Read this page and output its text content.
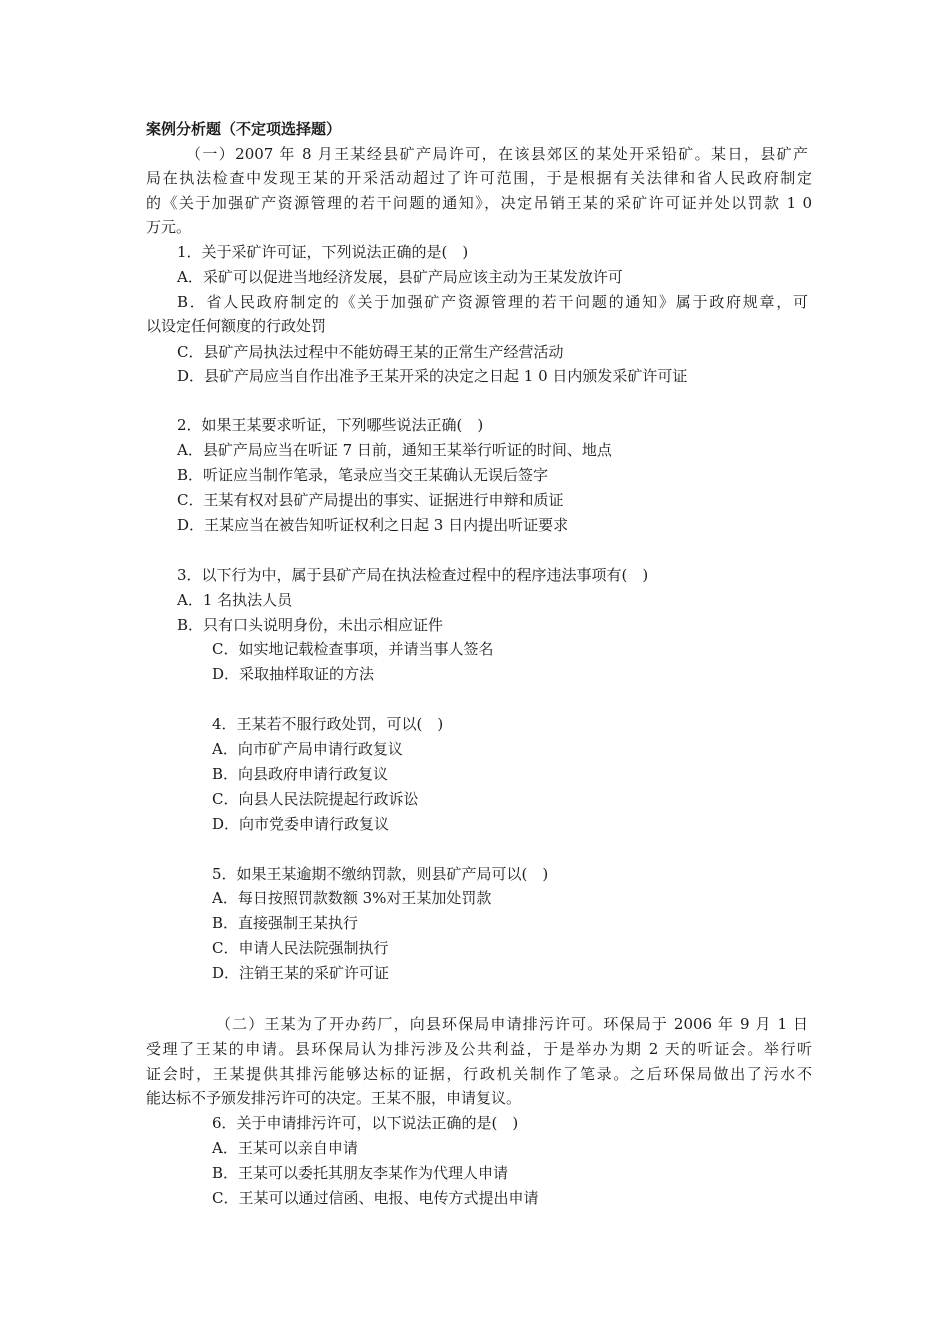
案例分析题（不定项选择题）
（一）2007 年 8 月王某经县矿产局许可，在该县郊区的某处开采铅矿。某日，县矿产
局在执法检查中发现王某的开采活动超过了许可范围，于是根据有关法律和省人民政府制定
的《关于加强矿产资源管理的若干问题的通知》，决定吊销王某的采矿许可证并处以罚款 1 0
万元。
1．关于采矿许可证，下列说法正确的是(　)
A．采矿可以促进当地经济发展，县矿产局应该主动为王某发放许可
B．省人民政府制定的《关于加强矿产资源管理的若干问题的通知》属于政府规章，可
以设定任何额度的行政处罚
C．县矿产局执法过程中不能妨碍王某的正常生产经营活动
D．县矿产局应当自作出准予王某开采的决定之日起 1 0 日内颁发采矿许可证
2．如果王某要求听证，下列哪些说法正确(　)
A．县矿产局应当在听证 7 日前，通知王某举行听证的时间、地点
B．听证应当制作笔录，笔录应当交王某确认无误后签字
C．王某有权对县矿产局提出的事实、证据进行申辩和质证
D．王某应当在被告知听证权利之日起 3 日内提出听证要求
3．以下行为中，属于县矿产局在执法检查过程中的程序违法事项有(　)
A．1 名执法人员
B．只有口头说明身份，未出示相应证件
C．如实地记载检查事项，并请当事人签名
D．采取抽样取证的方法
4．王某若不服行政处罚，可以(　)
A．向市矿产局申请行政复议
B．向县政府申请行政复议
C．向县人民法院提起行政诉讼
D．向市党委申请行政复议
5．如果王某逾期不缴纳罚款，则县矿产局可以(　)
A．每日按照罚款数额 3%对王某加处罚款
B．直接强制王某执行
C．申请人民法院强制执行
D．注销王某的采矿许可证
（二）王某为了开办药厂，向县环保局申请排污许可。环保局于 2006 年 9 月 1 日
受理了王某的申请。县环保局认为排污涉及公共利益，于是举办为期 2 天的听证会。举行听
证会时，王某提供其排污能够达标的证据，行政机关制作了笔录。之后环保局做出了污水不
能达标不予颁发排污许可的决定。王某不服，申请复议。
6．关于申请排污许可，以下说法正确的是(　)
A．王某可以亲自申请
B．王某可以委托其朋友李某作为代理人申请
C．王某可以通过信函、电报、电传方式提出申请
